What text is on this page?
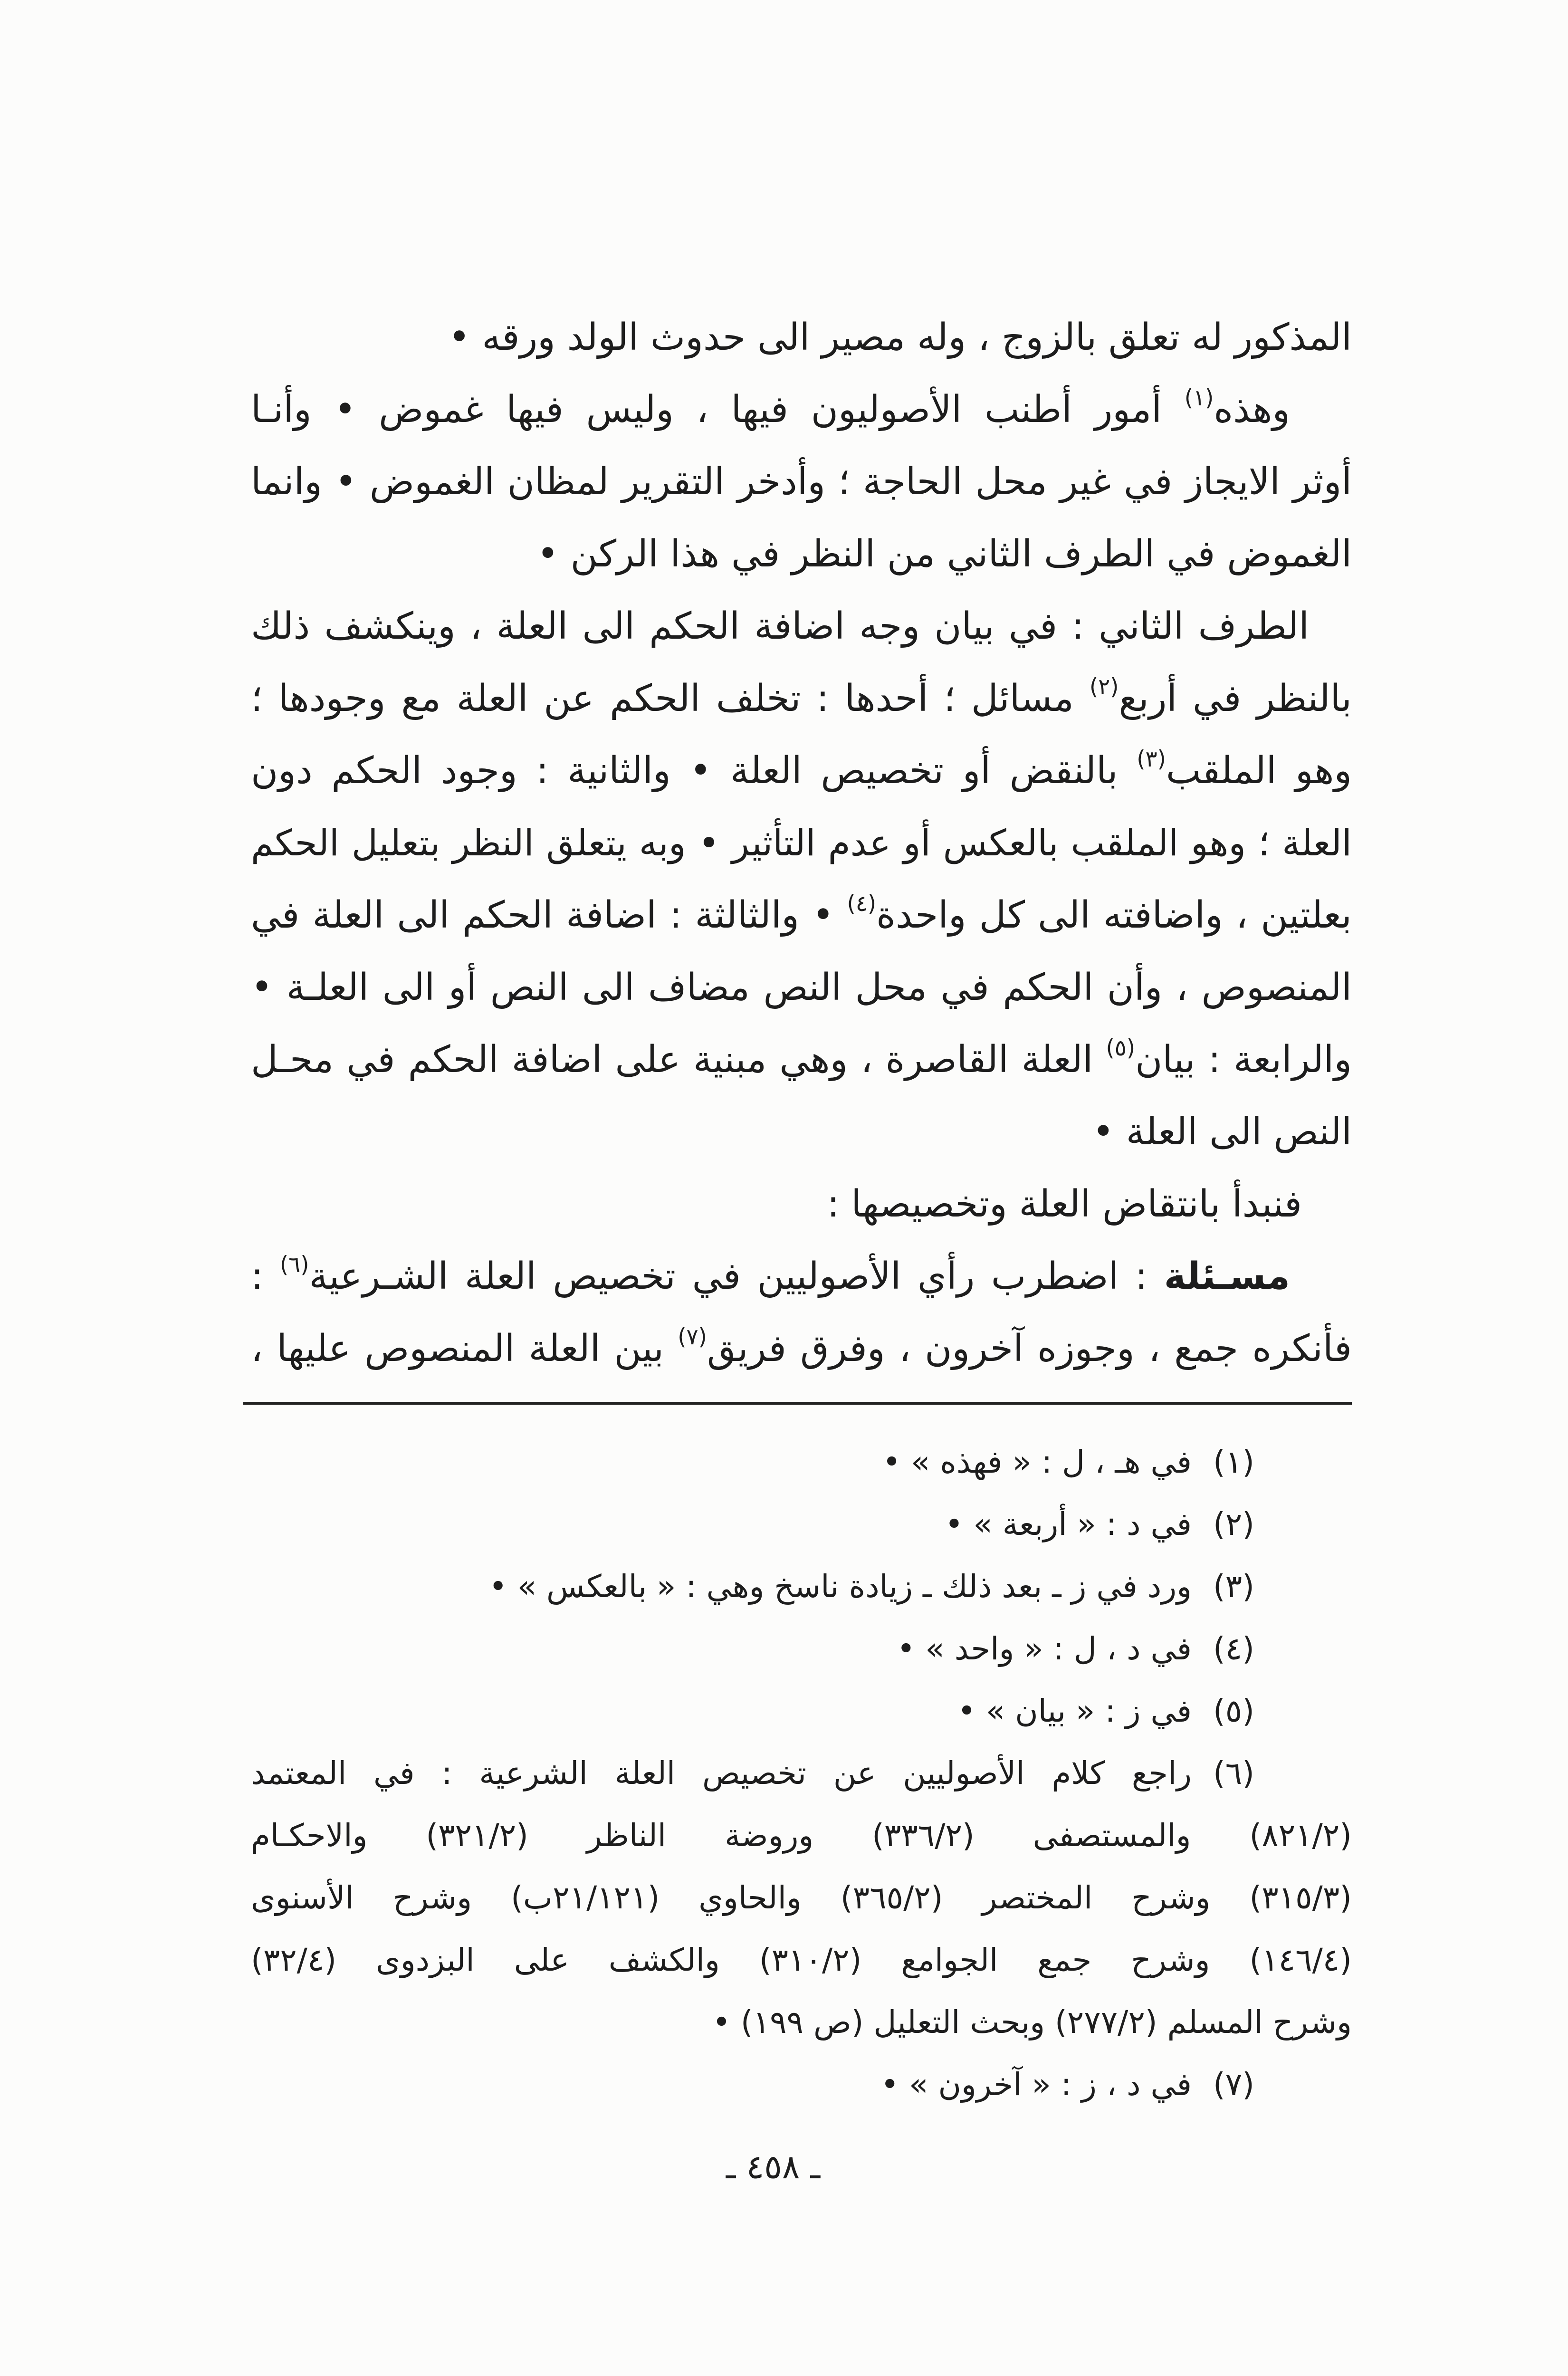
المذكور له تعلق بالزوج ، وله مصير الى حدوث الولد ورقه •
وهذه$^{(١)}$ أمور أطنب الأصوليون فيها ، وليس فيها غموض • وأنـا
أوثر الايجاز في غير محل الحاجة ؛ وأدخر التقرير لمظان الغموض • وانما
الغموض في الطرف الثاني من النظر في هذا الركن •
الطرف الثاني : في بيان وجه اضافة الحكم الى العلة ، وينكشف ذلك
بالنظر في أربع$^{(٢)}$ مسائل ؛ أحدها : تخلف الحكم عن العلة مع وجودها ؛
وهو الملقب$^{(٣)}$ بالنقض أو تخصيص العلة • والثانية : وجود الحكم دون
العلة ؛ وهو الملقب بالعكس أو عدم التأثير • وبه يتعلق النظر بتعليل الحكم
بعلتين ، واضافته الى كل واحدة$^{(٤)}$ • والثالثة : اضافة الحكم الى العلة في
المنصوص ، وأن الحكم في محل النص مضاف الى النص أو الى العلـة •
والرابعة : بيان$^{(٥)}$ العلة القاصرة ، وهي مبنية على اضافة الحكم في محـل
النص الى العلة •
فنبدأ بانتقاض العلة وتخصيصها :
مسـئلة : اضطرب رأي الأصوليين في تخصيص العلة الشـرعية$^{(٦)}$ :
فأنكره جمع ، وجوزه آخرون ، وفرق فريق$^{(٧)}$ بين العلة المنصوص عليها ،
(١)في هـ ، ل : « فهذه » •
(٢)في د : « أربعة » •
(٣)ورد في ز ـ بعد ذلك ـ زيادة ناسخ وهي : « بالعكس » •
(٤)في د ، ل : « واحد » •
(٥)في ز : « بيان » •
(٦)راجع كلام الأصوليين عن تخصيص العلة الشرعية : في المعتمد
(٨٢١/٢) والمستصفى (٣٣٦/٢) وروضة الناظر (٣٢١/٢) والاحكـام
(٣١٥/٣) وشرح المختصر (٣٦٥/٢) والحاوي (٢١/١٢١ب) وشرح الأسنوى
(١٤٦/٤) وشرح جمع الجوامع (٣١٠/٢) والكشف على البزدوى (٣٢/٤)
وشرح المسلم (٢٧٧/٢) وبحث التعليل (ص ١٩٩) •
(٧)في د ، ز : « آخرون » •
ـ ٤٥٨ ـ
